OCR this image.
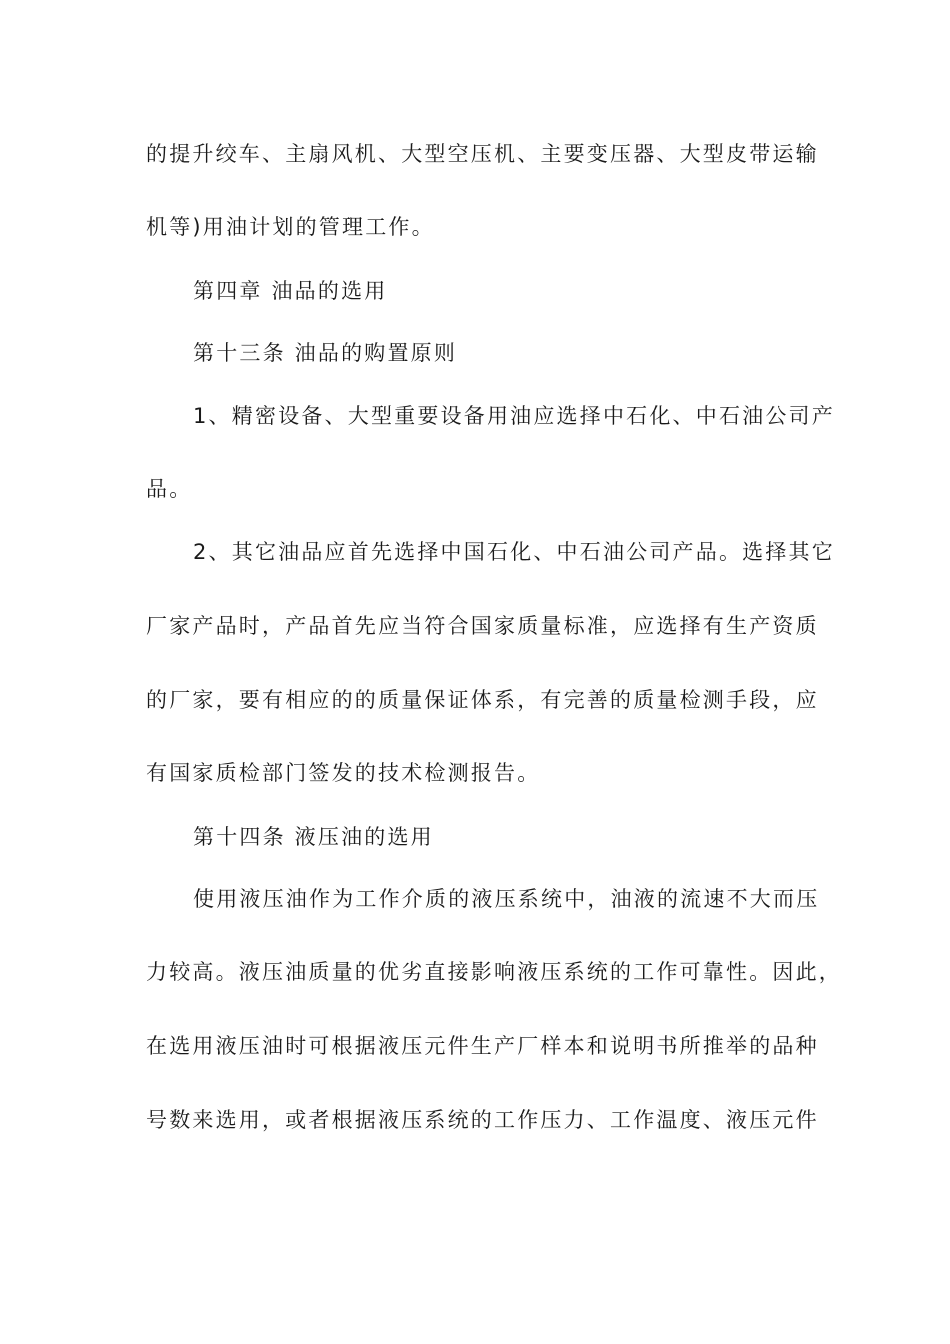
的提升绞车、主扇风机、大型空压机、主要变压器、大型皮带运输
机等)用油计划的管理工作。
第四章 油品的选用
第十三条 油品的购置原则
1、精密设备、大型重要设备用油应选择中石化、中石油公司产
品。
2、其它油品应首先选择中国石化、中石油公司产品。选择其它
厂家产品时，产品首先应当符合国家质量标准，应选择有生产资质
的厂家，要有相应的的质量保证体系，有完善的质量检测手段，应
有国家质检部门签发的技术检测报告。
第十四条 液压油的选用
使用液压油作为工作介质的液压系统中，油液的流速不大而压
力较高。液压油质量的优劣直接影响液压系统的工作可靠性。因此，
在选用液压油时可根据液压元件生产厂样本和说明书所推举的品种
号数来选用，或者根据液压系统的工作压力、工作温度、液压元件
